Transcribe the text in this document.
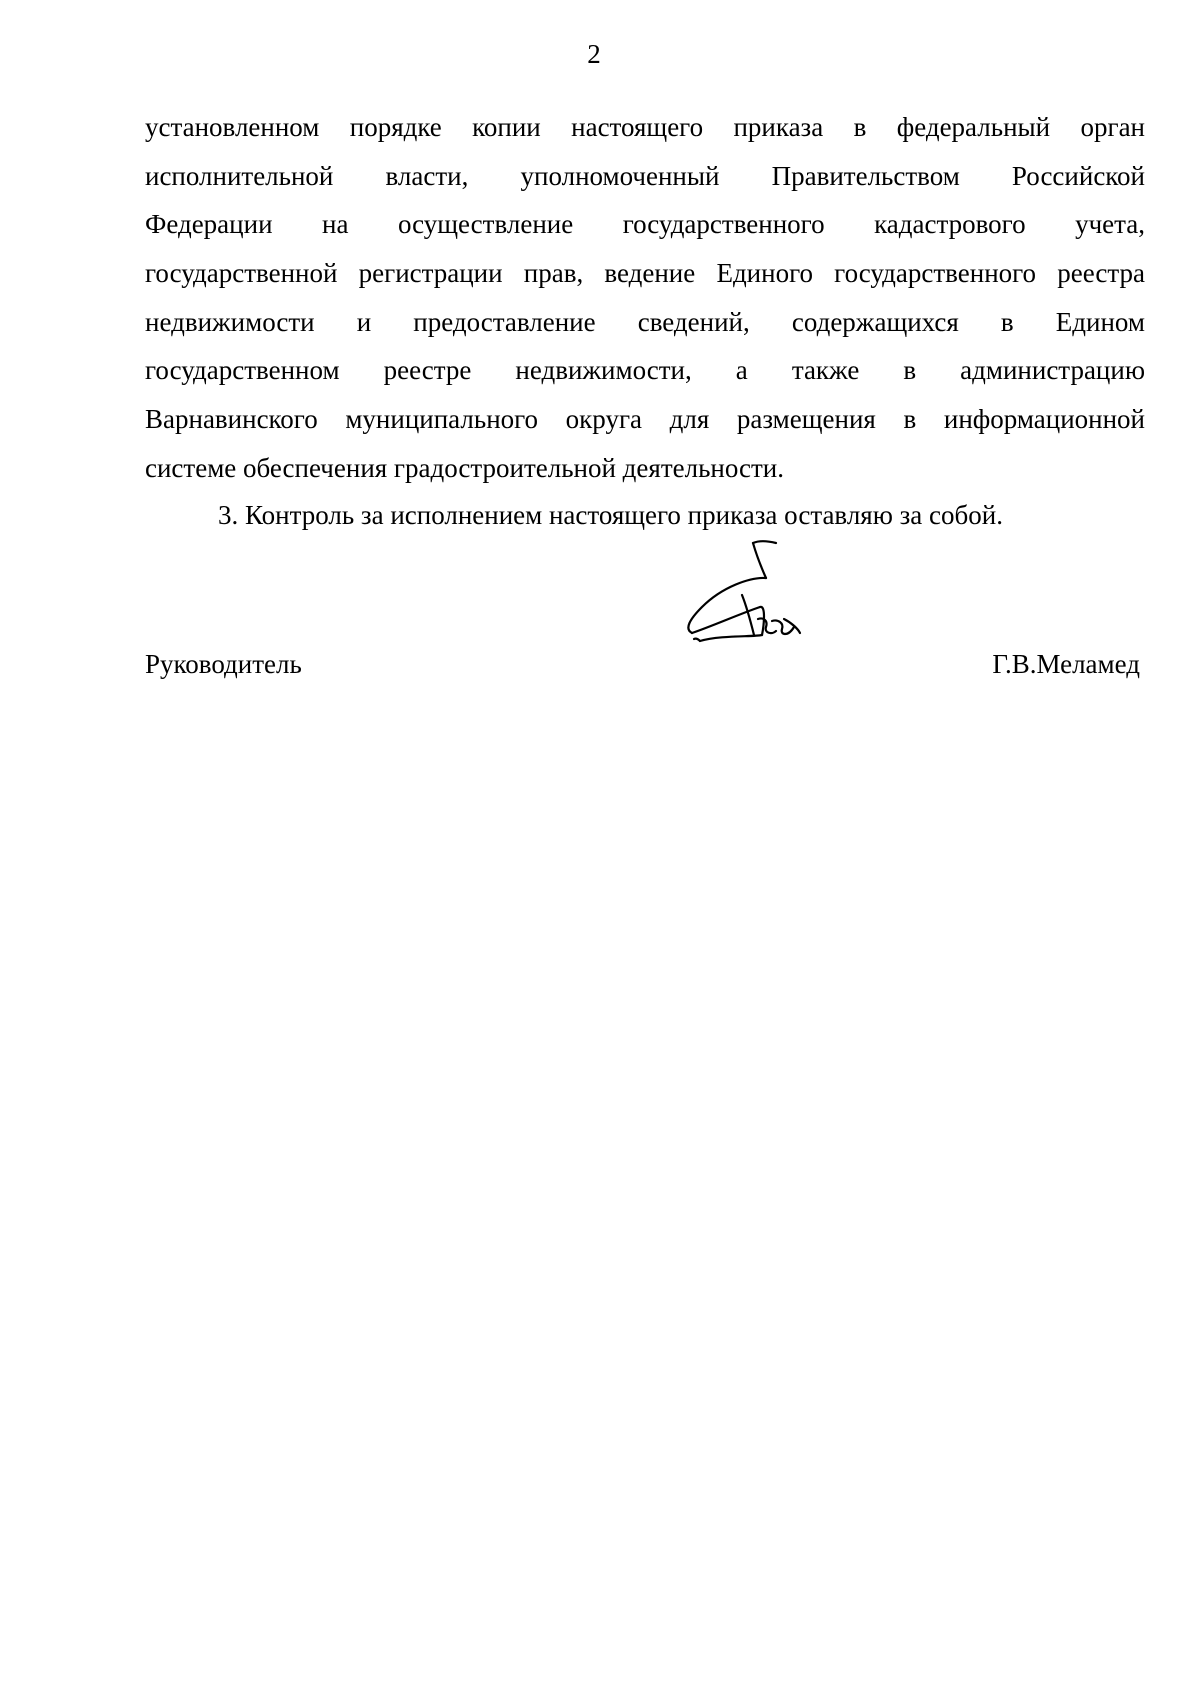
2
установленном порядке копии настоящего приказа в федеральный орган
исполнительной власти, уполномоченный Правительством Российской
Федерации на осуществление государственного кадастрового учета,
государственной регистрации прав, ведение Единого государственного реестра
недвижимости и предоставление сведений, содержащихся в Едином
государственном реестре недвижимости, а также в администрацию
Варнавинского муниципального округа для размещения в информационной
системе обеспечения градостроительной деятельности.

3. Контроль за исполнением настоящего приказа оставляю за собой.

Руководитель	Г.В.Меламед
